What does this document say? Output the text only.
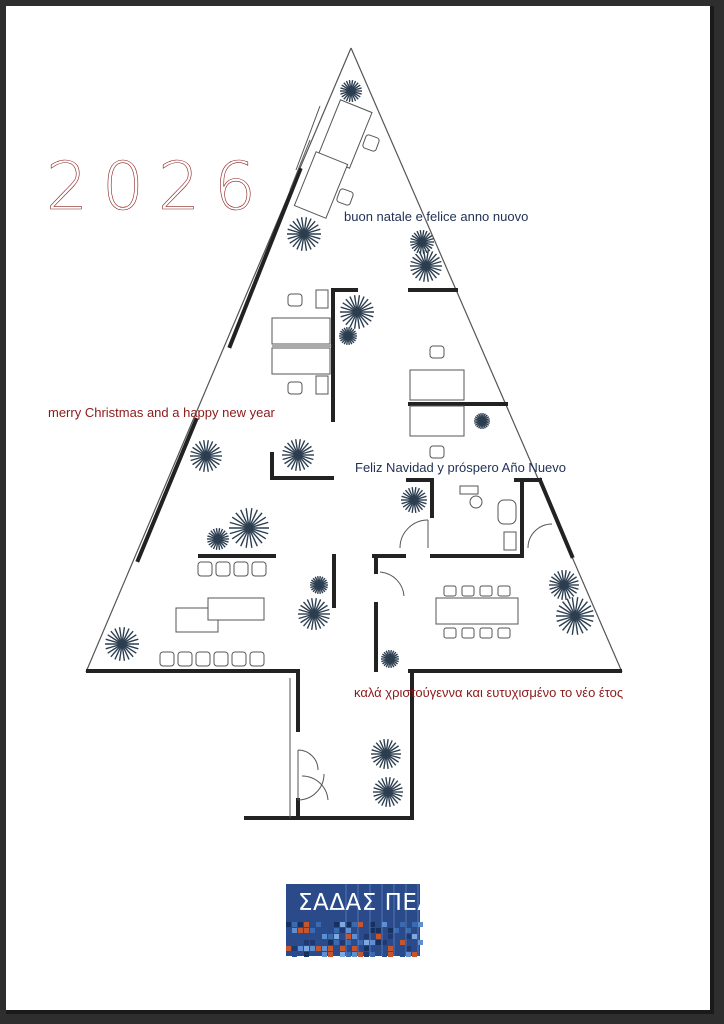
2026	buon natale e felice anno nuovo
merry Christmas and a happy new year
Feliz Navidad y próspero Año Nuevo
καλά χριστούγεννα και ευτυχισμένο το νέο έτος
ΣΑΔΑΣ ΠΕΑ
